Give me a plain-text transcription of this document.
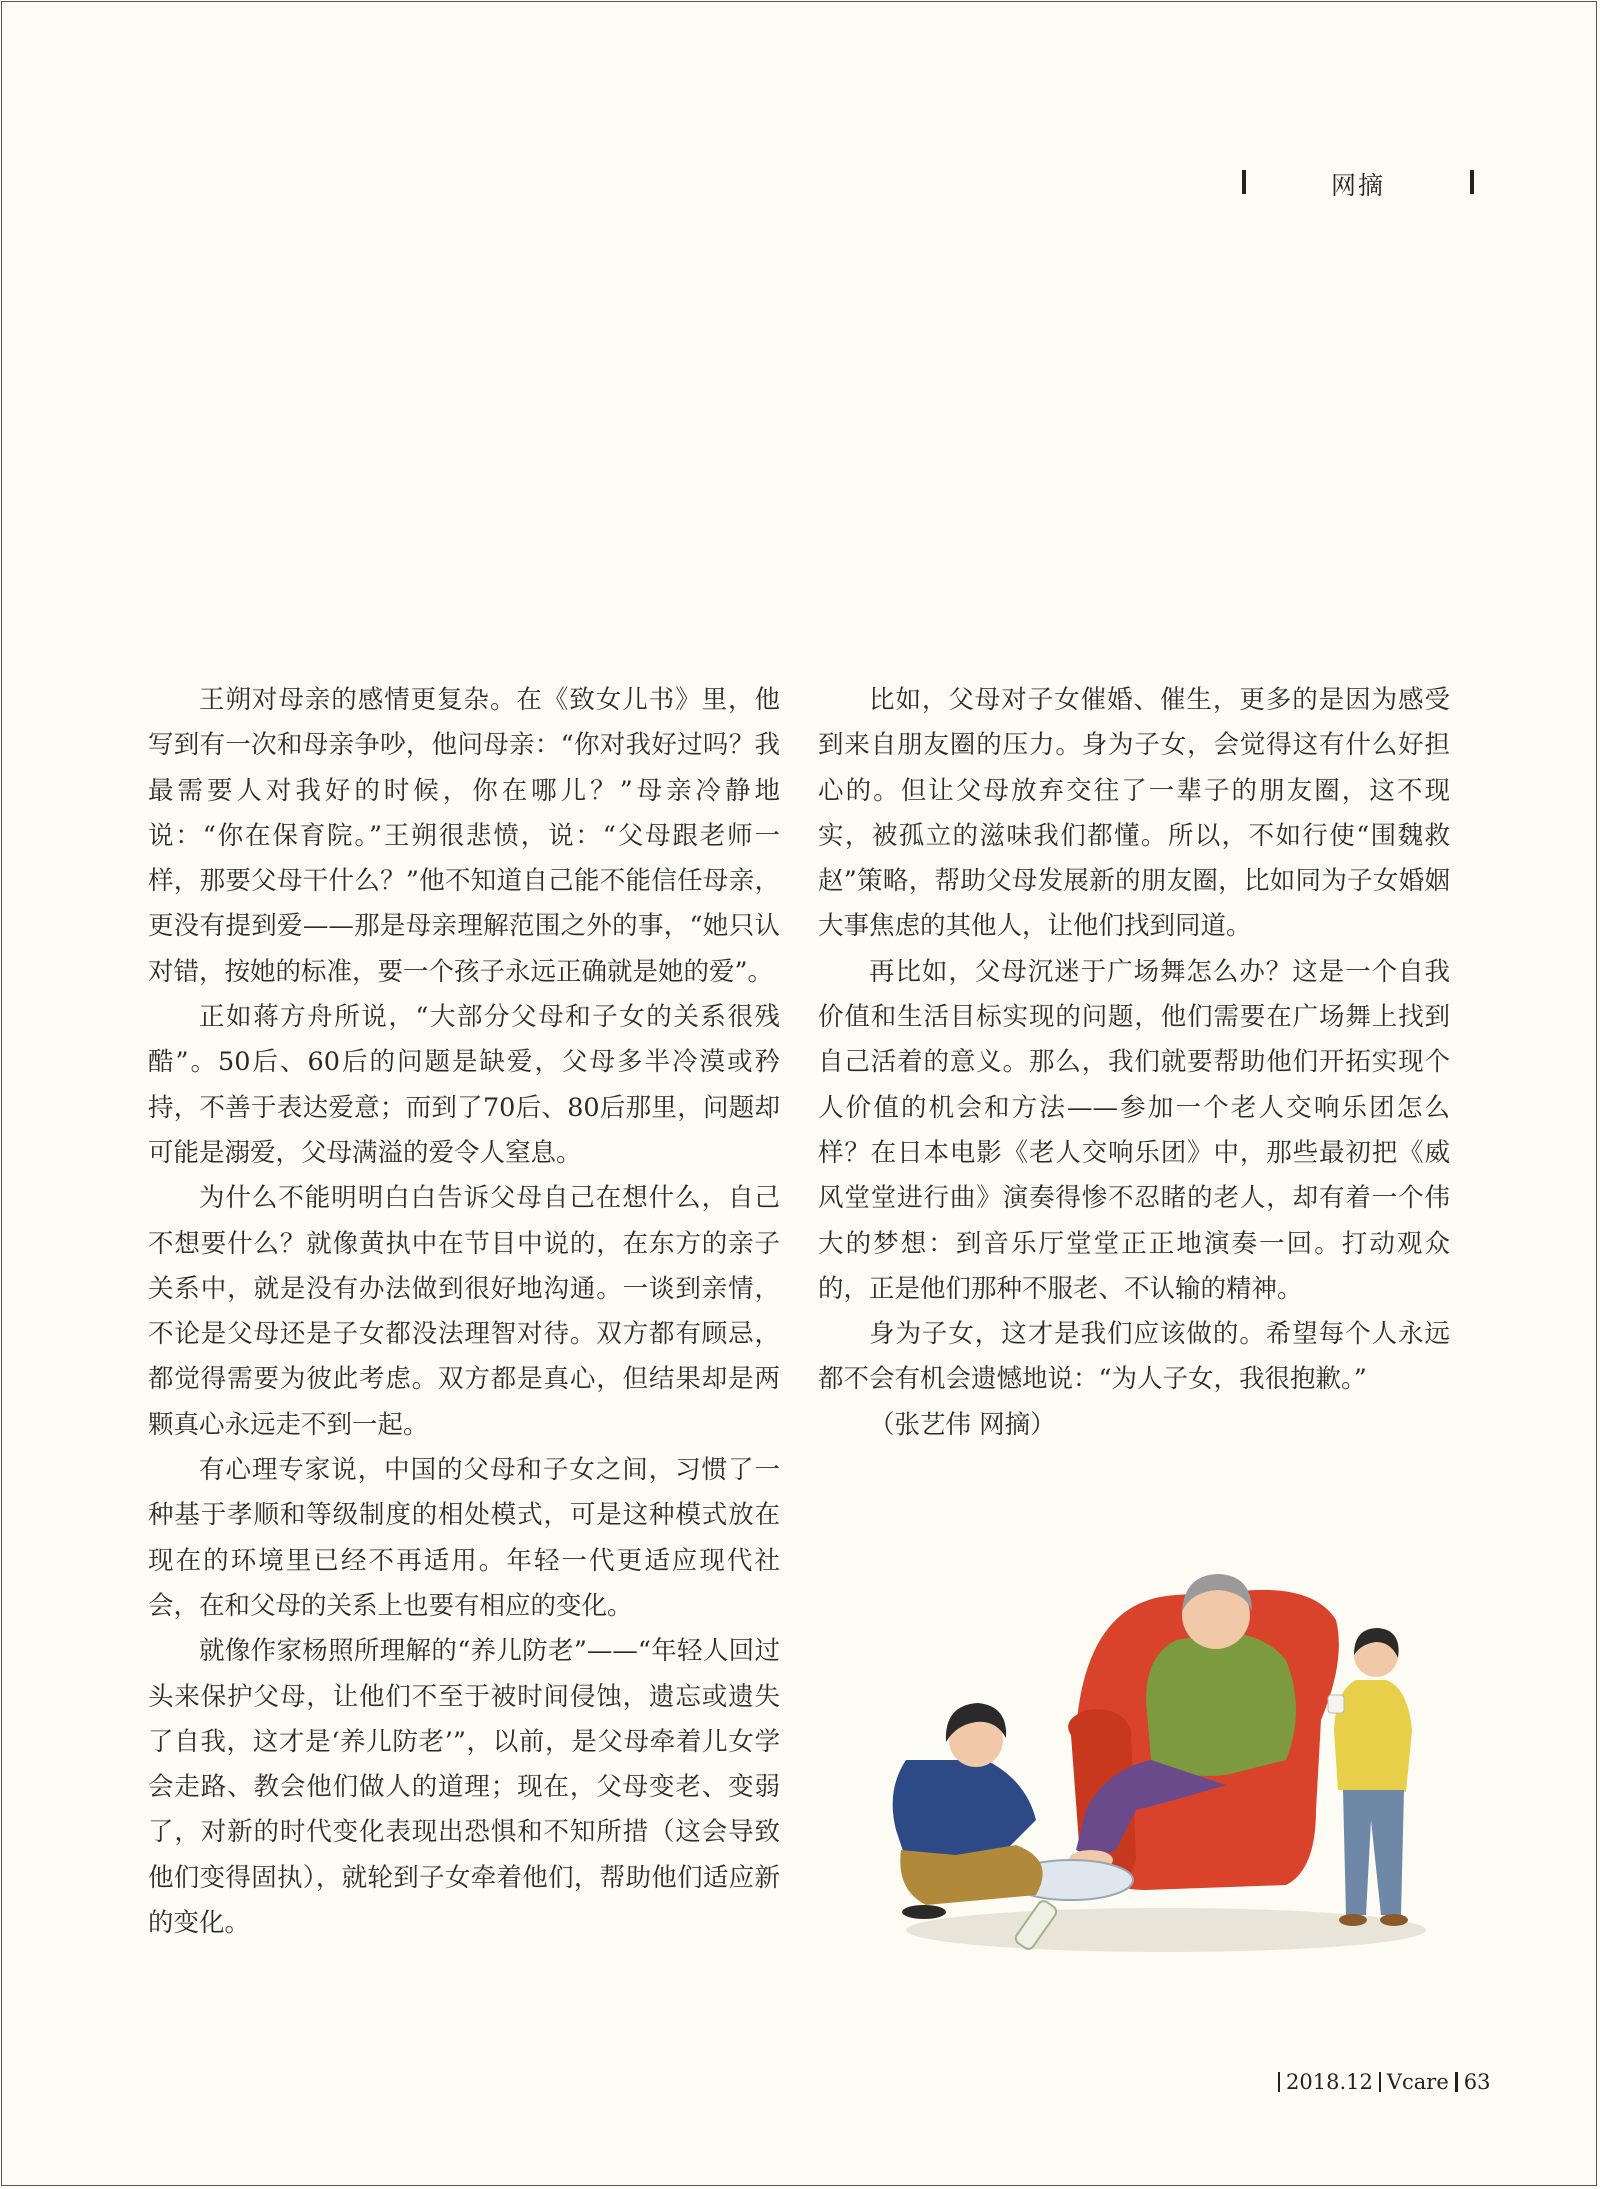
网摘

王朔对母亲的感情更复杂。在《致女儿书》里，他写到有一次和母亲争吵，他问母亲：“你对我好过吗？我最需要人对我好的时候，你在哪儿？”母亲冷静地说：“你在保育院。”王朔很悲愤，说：“父母跟老师一样，那要父母干什么？”他不知道自己能不能信任母亲，更没有提到爱——那是母亲理解范围之外的事，“她只认对错，按她的标准，要一个孩子永远正确就是她的爱”。

正如蒋方舟所说，“大部分父母和子女的关系很残酷”。50后、60后的问题是缺爱，父母多半冷漠或矜持，不善于表达爱意；而到了70后、80后那里，问题却可能是溺爱，父母满溢的爱令人窒息。

为什么不能明明白白告诉父母自己在想什么，自己不想要什么？就像黄执中在节目中说的，在东方的亲子关系中，就是没有办法做到很好地沟通。一谈到亲情，不论是父母还是子女都没法理智对待。双方都有顾忌，都觉得需要为彼此考虑。双方都是真心，但结果却是两颗真心永远走不到一起。

有心理专家说，中国的父母和子女之间，习惯了一种基于孝顺和等级制度的相处模式，可是这种模式放在现在的环境里已经不再适用。年轻一代更适应现代社会，在和父母的关系上也要有相应的变化。

就像作家杨照所理解的“养儿防老”——“年轻人回过头来保护父母，让他们不至于被时间侵蚀，遗忘或遗失了自我，这才是‘养儿防老’”，以前，是父母牵着儿女学会走路、教会他们做人的道理；现在，父母变老、变弱了，对新的时代变化表现出恐惧和不知所措（这会导致他们变得固执），就轮到子女牵着他们，帮助他们适应新的变化。

比如，父母对子女催婚、催生，更多的是因为感受到来自朋友圈的压力。身为子女，会觉得这有什么好担心的。但让父母放弃交往了一辈子的朋友圈，这不现实，被孤立的滋味我们都懂。所以，不如行使“围魏救赵”策略，帮助父母发展新的朋友圈，比如同为子女婚姻大事焦虑的其他人，让他们找到同道。

再比如，父母沉迷于广场舞怎么办？这是一个自我价值和生活目标实现的问题，他们需要在广场舞上找到自己活着的意义。那么，我们就要帮助他们开拓实现个人价值的机会和方法——参加一个老人交响乐团怎么样？在日本电影《老人交响乐团》中，那些最初把《威风堂堂进行曲》演奏得惨不忍睹的老人，却有着一个伟大的梦想：到音乐厅堂堂正正地演奏一回。打动观众的，正是他们那种不服老、不认输的精神。

身为子女，这才是我们应该做的。希望每个人永远都不会有机会遗憾地说：“为人子女，我很抱歉。”

（张艺伟 网摘）

2018.12 Vcare 63
